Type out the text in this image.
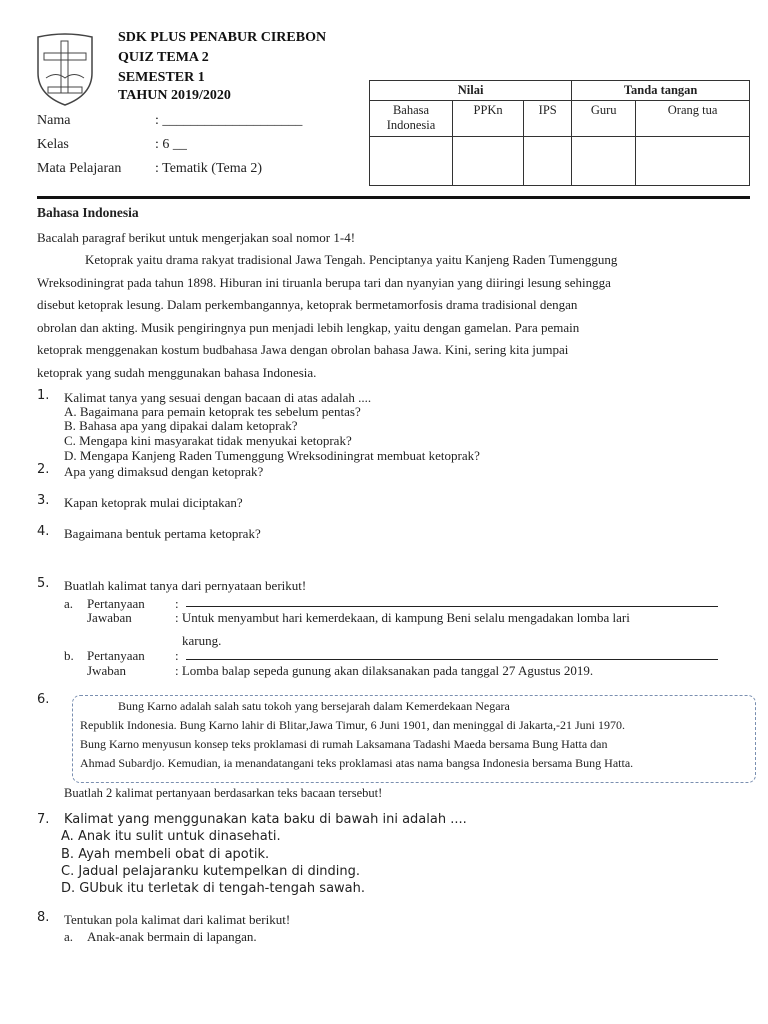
SDK PLUS PENABUR CIREBON
QUIZ TEMA 2
SEMESTER 1
TAHUN 2019/2020
Nama	: ____________________
Kelas	: 6 __
Mata Pelajaran : Tematik (Tema 2)
Nilai			Tanda tangan	
Bahasa Indonesia	PPKn	IPS	Guru	Orang tua

Bahasa Indonesia
Bacalah paragraf berikut untuk mengerjakan soal nomor 1-4!
Ketoprak yaitu drama rakyat tradisional Jawa Tengah. Penciptanya yaitu Kanjeng Raden Tumenggung
Wreksodiningrat pada tahun 1898. Hiburan ini tiruanla berupa tari dan nyanyian yang diiringi lesung sehingga
disebut ketoprak lesung. Dalam perkembangannya, ketoprak bermetamorfosis drama tradisional dengan
obrolan dan akting. Musik pengiringnya pun menjadi lebih lengkap, yaitu dengan gamelan. Para pemain
ketoprak menggenakan kostum budbahasa Jawa dengan obrolan bahasa Jawa. Kini, sering kita jumpai
ketoprak yang sudah menggunakan bahasa Indonesia.
1. Kalimat tanya yang sesuai dengan bacaan di atas adalah ....
A. Bagaimana para pemain ketoprak tes sebelum pentas?
B. Bahasa apa yang dipakai dalam ketoprak?
C. Mengapa kini masyarakat tidak menyukai ketoprak?
D. Mengapa Kanjeng Raden Tumenggung Wreksodiningrat membuat ketoprak?
2. Apa yang dimaksud dengan ketoprak?
3. Kapan ketoprak mulai diciptakan?
4. Bagaimana bentuk pertama ketoprak?
5. Buatlah kalimat tanya dari pernyataan berikut!
a. Pertanyaan :
Jawaban	: Untuk menyambut hari kemerdekaan, di kampung Beni selalu mengadakan lomba lari
karung.
b. Pertanyaan :
Jwaban	: Lomba balap sepeda gunung akan dilaksanakan pada tanggal 27 Agustus 2019.
6.	Bung Karno adalah salah satu tokoh yang bersejarah dalam Kemerdekaan Negara
Republik Indonesia. Bung Karno lahir di Blitar,Jawa Timur, 6 Juni 1901, dan meninggal di Jakarta,-21 Juni 1970.
Bung Karno menyusun konsep teks proklamasi di rumah Laksamana Tadashi Maeda bersama Bung Hatta dan
Ahmad Subardjo. Kemudian, ia menandatangani teks proklamasi atas nama bangsa Indonesia bersama Bung Hatta.
Buatlah 2 kalimat pertanyaan berdasarkan teks bacaan tersebut!
7. Kalimat yang menggunakan kata baku di bawah ini adalah ....
A. Anak itu sulit untuk dinasehati.
B. Ayah membeli obat di apotik.
C. Jadual pelajaranku kutempelkan di dinding.
D. GUbuk itu terletak di tengah-tengah sawah.
8. Tentukan pola kalimat dari kalimat berikut!
a. Anak-anak bermain di lapangan.
